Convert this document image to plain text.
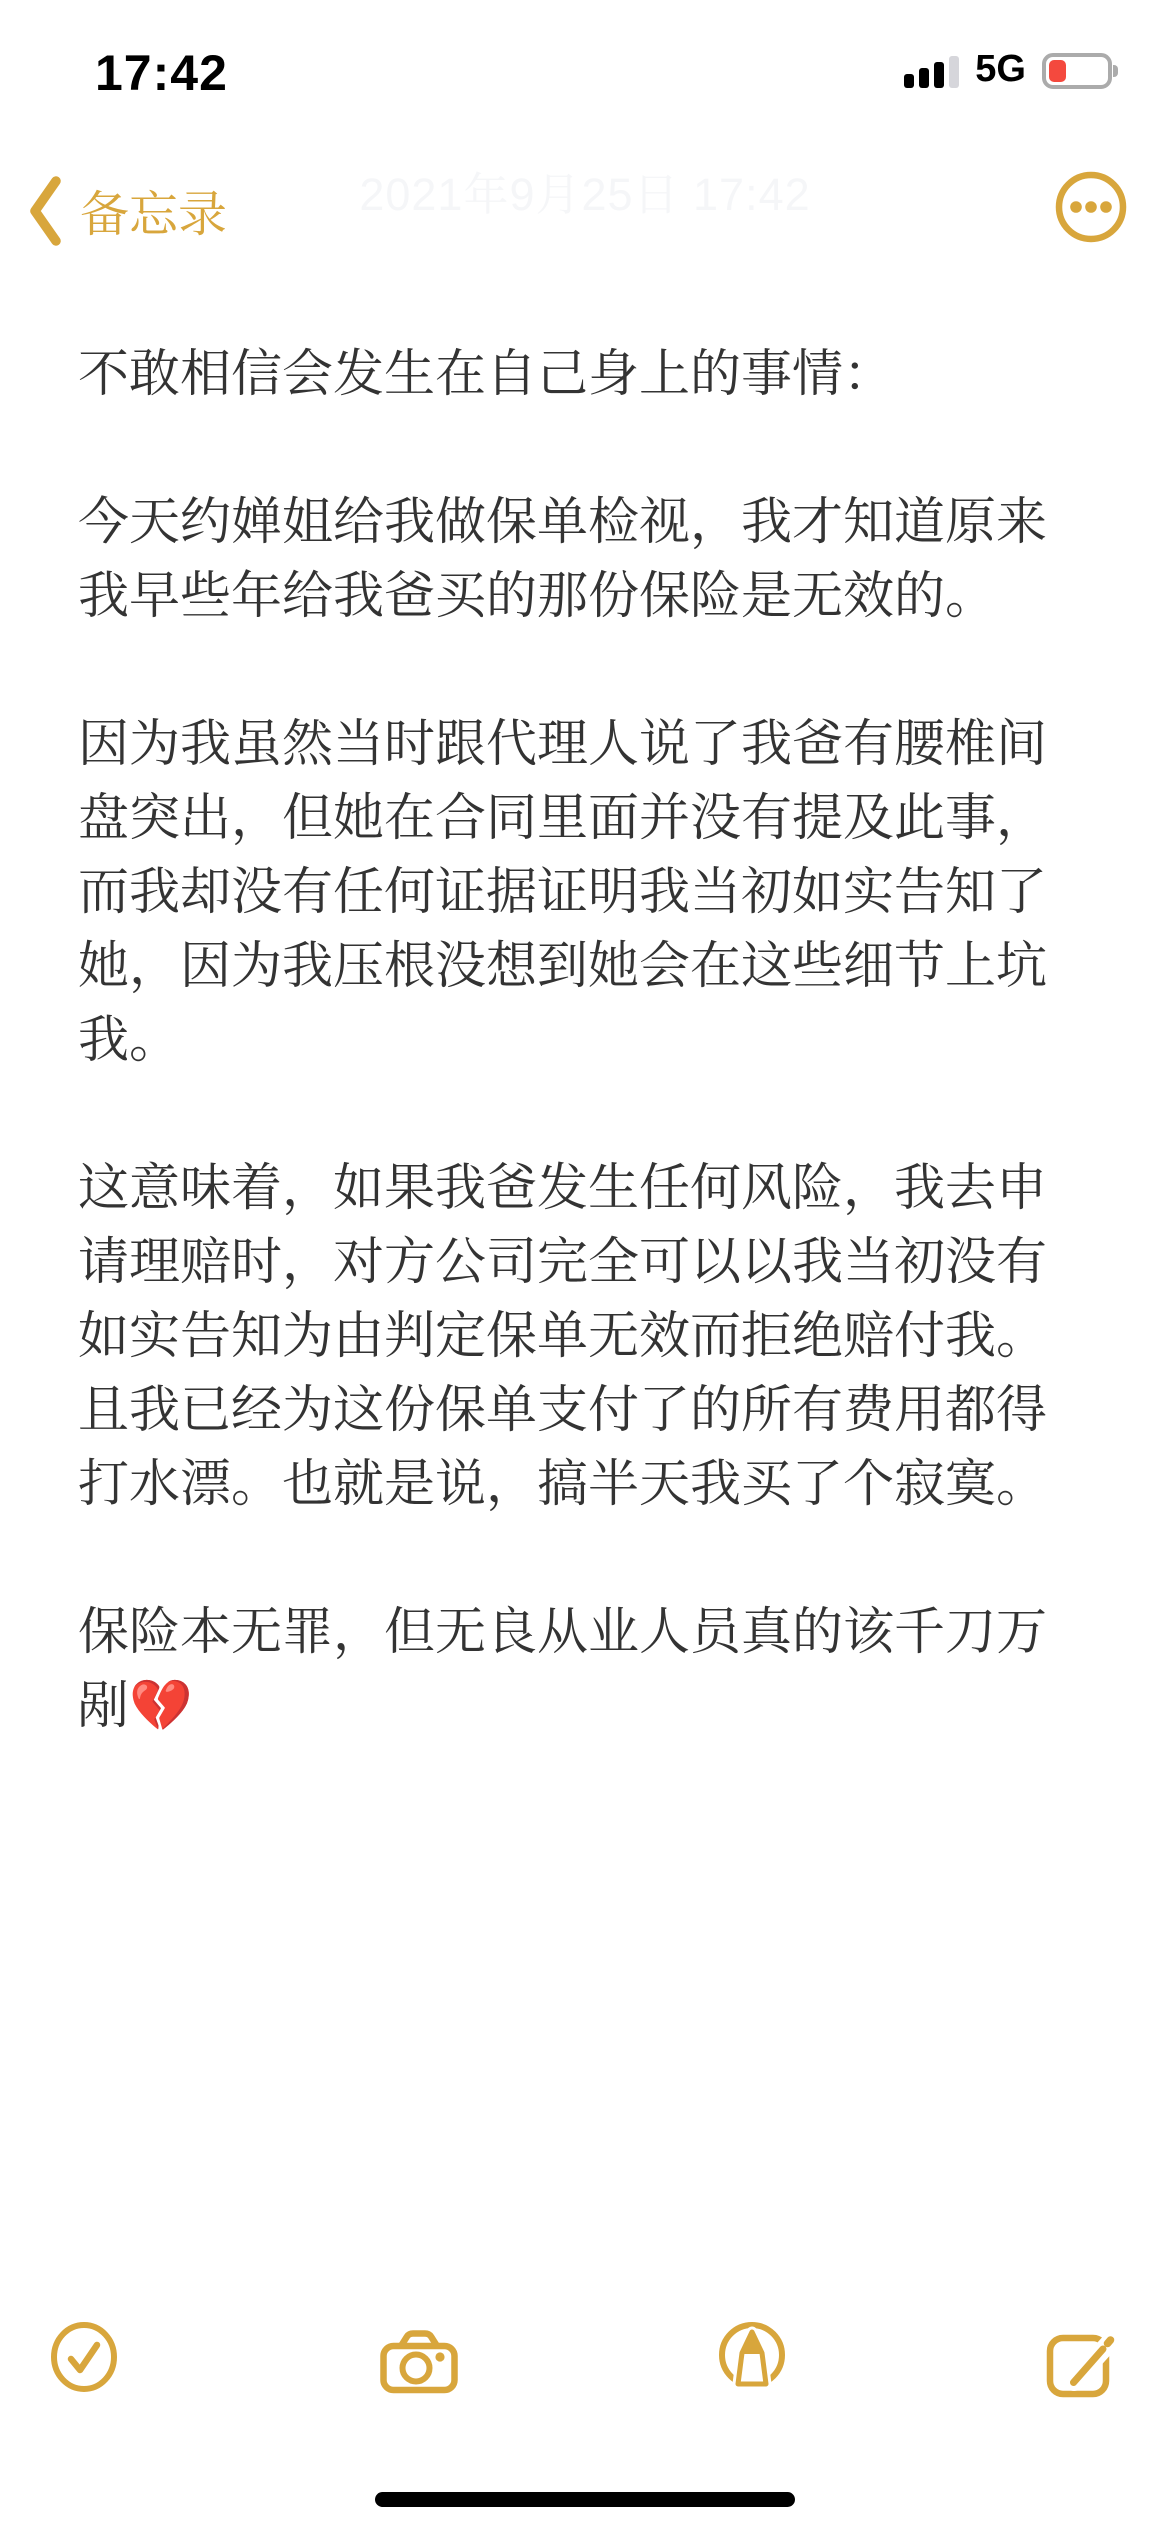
17:42	5G
2021年9月25日 17:42
备忘录

不敢相信会发生在自己身上的事情：

今天约婵姐给我做保单检视，我才知道原来我早些年给我爸买的那份保险是无效的。

因为我虽然当时跟代理人说了我爸有腰椎间盘突出，但她在合同里面并没有提及此事，而我却没有任何证据证明我当初如实告知了她，因为我压根没想到她会在这些细节上坑我。

这意味着，如果我爸发生任何风险，我去申请理赔时，对方公司完全可以以我当初没有如实告知为由判定保单无效而拒绝赔付我。且我已经为这份保单支付了的所有费用都得打水漂。也就是说，搞半天我买了个寂寞。

保险本无罪，但无良从业人员真的该千刀万剐💔
